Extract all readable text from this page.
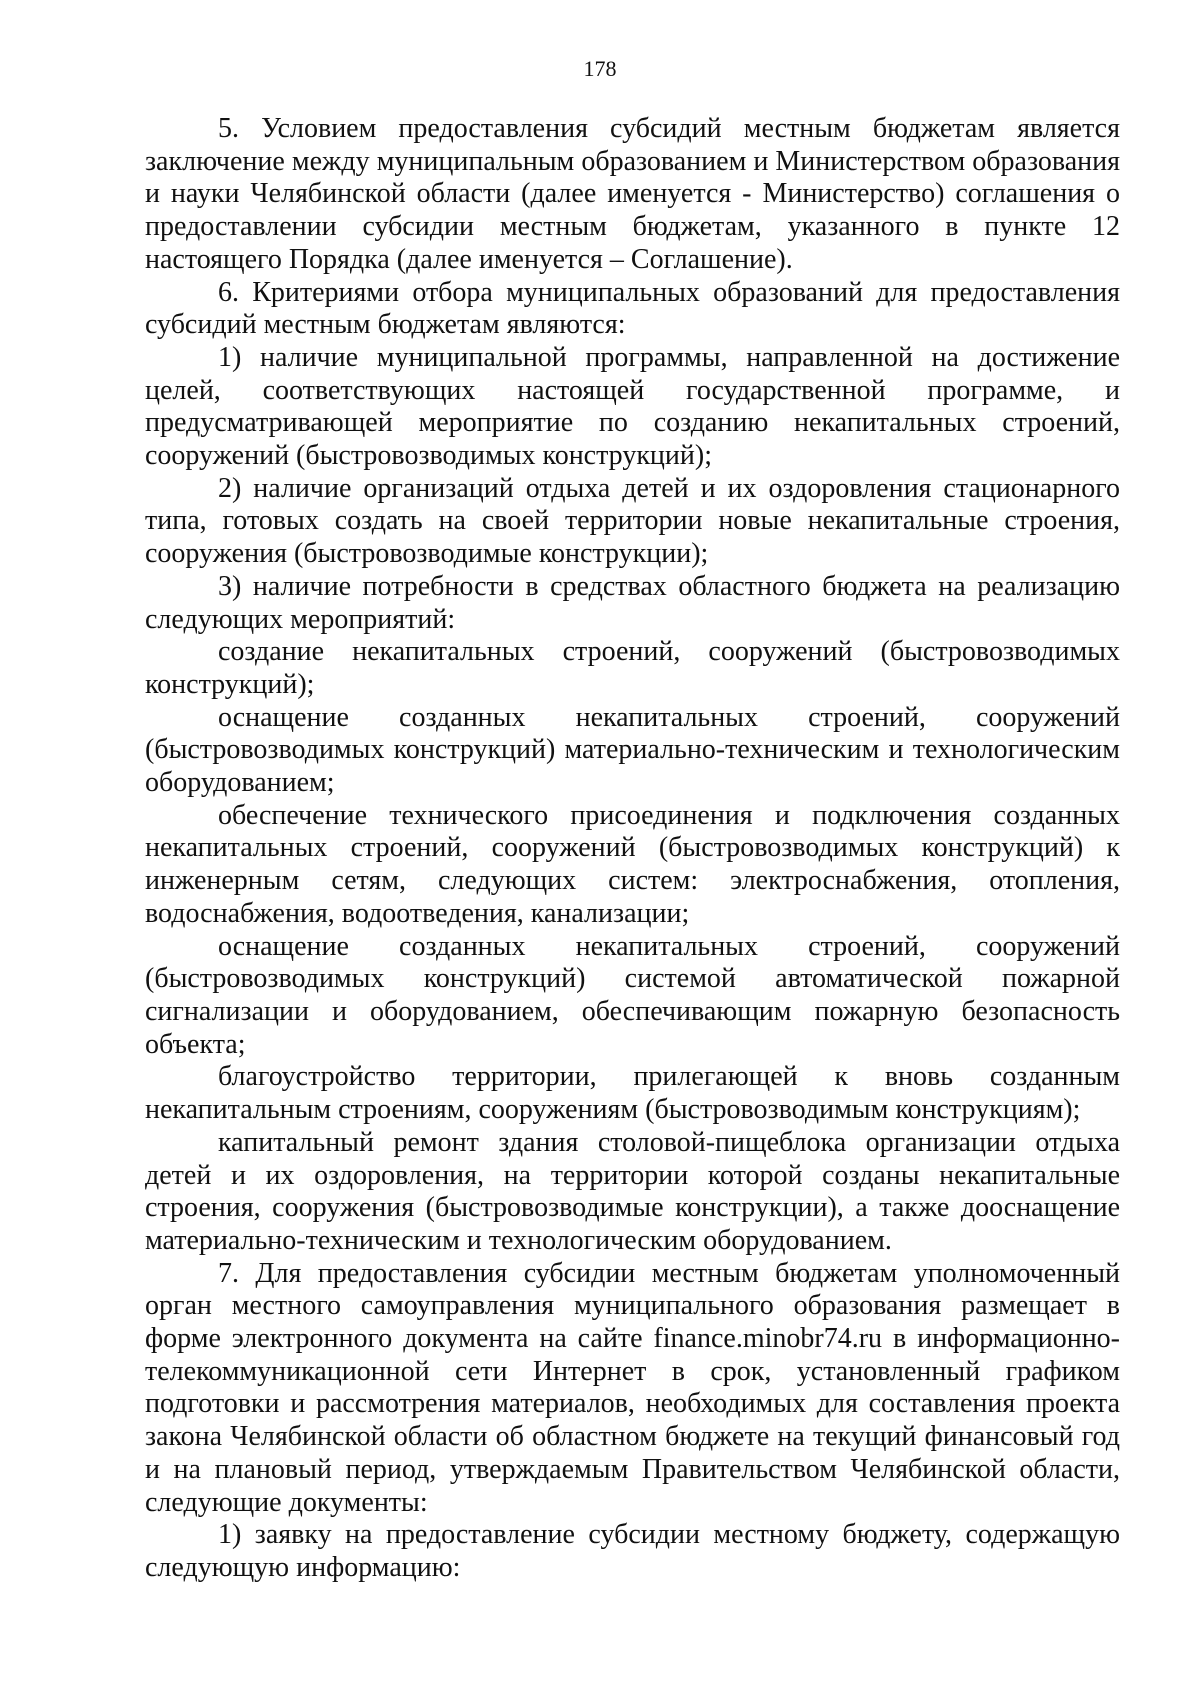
178

5. Условием предоставления субсидий местным бюджетам является заключение между муниципальным образованием и Министерством образования и науки Челябинской области (далее именуется - Министерство) соглашения о предоставлении субсидии местным бюджетам, указанного в пункте 12 настоящего Порядка (далее именуется – Соглашение).

6. Критериями отбора муниципальных образований для предоставления субсидий местным бюджетам являются:

1) наличие муниципальной программы, направленной на достижение целей, соответствующих настоящей государственной программе, и предусматривающей мероприятие по созданию некапитальных строений, сооружений (быстровозводимых конструкций);

2) наличие организаций отдыха детей и их оздоровления стационарного типа, готовых создать на своей территории новые некапитальные строения, сооружения (быстровозводимые конструкции);

3) наличие потребности в средствах областного бюджета на реализацию следующих мероприятий:

создание некапитальных строений, сооружений (быстровозводимых конструкций);

оснащение созданных некапитальных строений, сооружений (быстровозводимых конструкций) материально-техническим и технологическим оборудованием;

обеспечение технического присоединения и подключения созданных некапитальных строений, сооружений (быстровозводимых конструкций) к инженерным сетям, следующих систем: электроснабжения, отопления, водоснабжения, водоотведения, канализации;

оснащение созданных некапитальных строений, сооружений (быстровозводимых конструкций) системой автоматической пожарной сигнализации и оборудованием, обеспечивающим пожарную безопасность объекта;

благоустройство территории, прилегающей к вновь созданным некапитальным строениям, сооружениям (быстровозводимым конструкциям);

капитальный ремонт здания столовой-пищеблока организации отдыха детей и их оздоровления, на территории которой созданы некапитальные строения, сооружения (быстровозводимые конструкции), а также дооснащение материально-техническим и технологическим оборудованием.

7. Для предоставления субсидии местным бюджетам уполномоченный орган местного самоуправления муниципального образования размещает в форме электронного документа на сайте finance.minobr74.ru в информационно-телекоммуникационной сети Интернет в срок, установленный графиком подготовки и рассмотрения материалов, необходимых для составления проекта закона Челябинской области об областном бюджете на текущий финансовый год и на плановый период, утверждаемым Правительством Челябинской области, следующие документы:

1) заявку на предоставление субсидии местному бюджету, содержащую следующую информацию:
